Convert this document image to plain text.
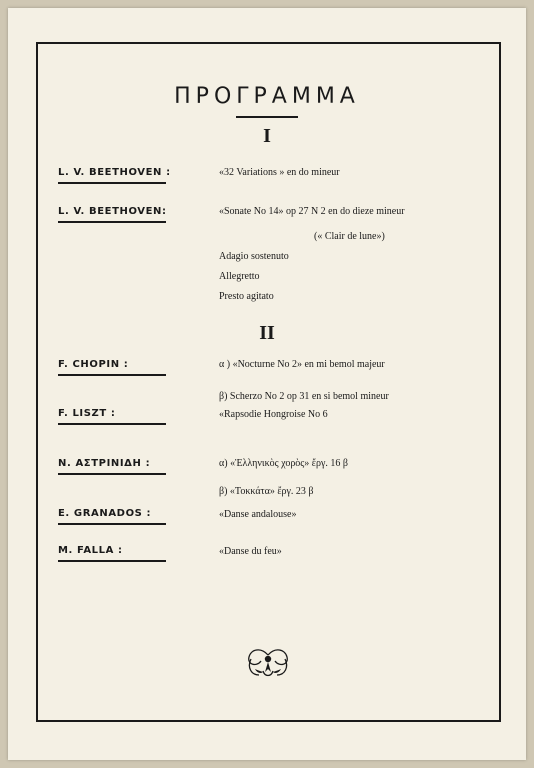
ΠΡΟΓΡΑΜΜΑ
I
L. V. BEETHOVEN :	«32 Variations » en do mineur
L. V. BEETHOVEN:	«Sonate No 14» op 27 N 2 en do dieze mineur
(« Clair de lune»)
Adagio sostenuto
Allegretto
Presto agitato
II
F. CHOPIN :	α ) «Nocturne No 2» en mi bemol majeur
β) Scherzo No 2 op 31 en si bemol mineur
F. LISZT :	«Rapsodie Hongroise No 6
Ν. ΑΣΤΡΙΝΙΔΗ :	α) «Ἑλληνικὸς χορὸς» ἔργ. 16 β
β) «Τοκκάτα» ἔργ. 23 β
E. GRANADOS :	«Danse andalouse»
M. FALLA :	«Danse du feu»
